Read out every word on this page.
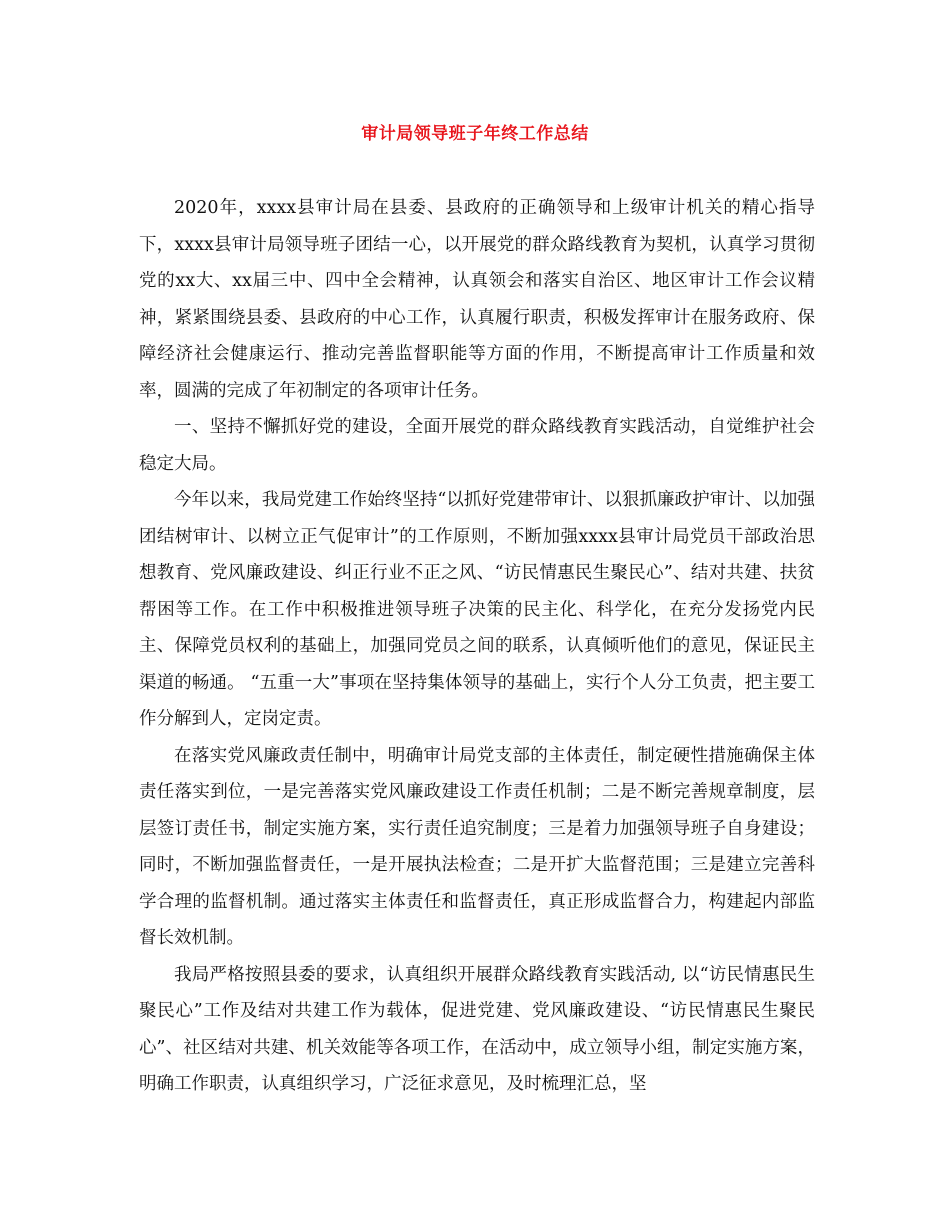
审计局领导班子年终工作总结

2020年，xxxx县审计局在县委、县政府的正确领导和上级审计机关的精心指导下，xxxx县审计局领导班子团结一心，以开展党的群众路线教育为契机，认真学习贯彻党的xx大、xx届三中、四中全会精神，认真领会和落实自治区、地区审计工作会议精神，紧紧围绕县委、县政府的中心工作，认真履行职责，积极发挥审计在服务政府、保障经济社会健康运行、推动完善监督职能等方面的作用，不断提高审计工作质量和效率，圆满的完成了年初制定的各项审计任务。

一、坚持不懈抓好党的建设，全面开展党的群众路线教育实践活动，自觉维护社会稳定大局。

今年以来，我局党建工作始终坚持“以抓好党建带审计、以狠抓廉政护审计、以加强团结树审计、以树立正气促审计”的工作原则，不断加强xxxx县审计局党员干部政治思想教育、党风廉政建设、纠正行业不正之风、“访民情惠民生聚民心”、结对共建、扶贫帮困等工作。在工作中积极推进领导班子决策的民主化、科学化，在充分发扬党内民主、保障党员权利的基础上，加强同党员之间的联系，认真倾听他们的意见，保证民主渠道的畅通。 “五重一大”事项在坚持集体领导的基础上，实行个人分工负责，把主要工作分解到人，定岗定责。

在落实党风廉政责任制中，明确审计局党支部的主体责任，制定硬性措施确保主体责任落实到位，一是完善落实党风廉政建设工作责任机制；二是不断完善规章制度，层层签订责任书，制定实施方案，实行责任追究制度；三是着力加强领导班子自身建设；同时，不断加强监督责任，一是开展执法检查；二是开扩大监督范围；三是建立完善科学合理的监督机制。通过落实主体责任和监督责任，真正形成监督合力，构建起内部监督长效机制。

我局严格按照县委的要求，认真组织开展群众路线教育实践活动, 以“访民情惠民生聚民心”工作及结对共建工作为载体，促进党建、党风廉政建设、“访民情惠民生聚民心”、社区结对共建、机关效能等各项工作，在活动中，成立领导小组，制定实施方案，明确工作职责，认真组织学习，广泛征求意见，及时梳理汇总，坚
